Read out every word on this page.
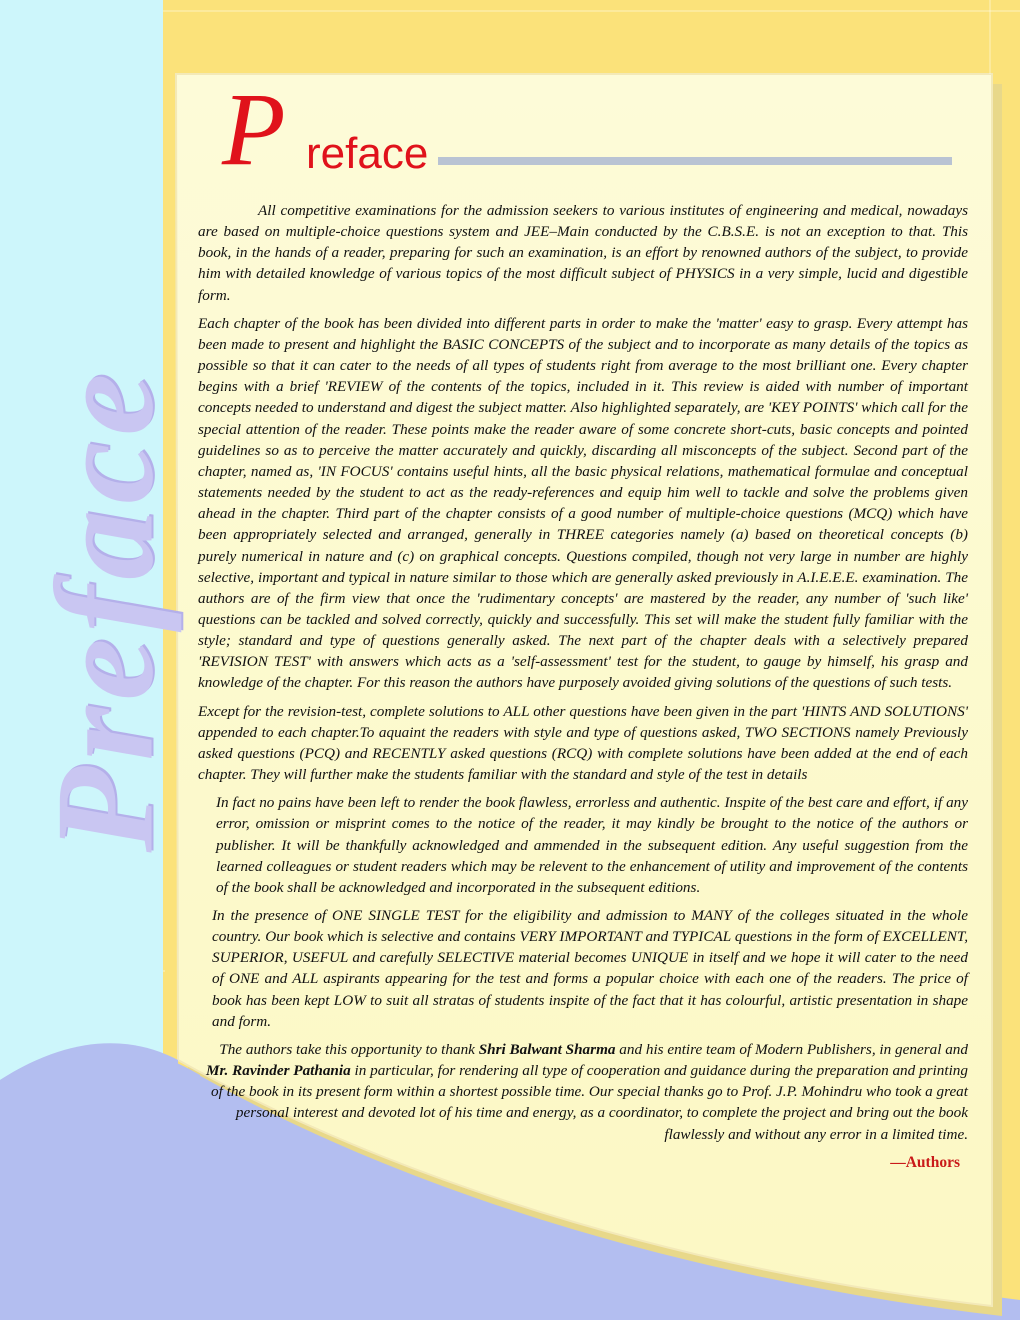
Preface
P reface

All competitive examinations for the admission seekers to various institutes of engineering and medical, nowadays are based on multiple-choice questions system and JEE–Main conducted by the C.B.S.E. is not an exception to that. This book, in the hands of a reader, preparing for such an examination, is an effort by renowned authors of the subject, to provide him with detailed knowledge of various topics of the most difficult subject of PHYSICS in a very simple, lucid and digestible form.

Each chapter of the book has been divided into different parts in order to make the 'matter' easy to grasp. Every attempt has been made to present and highlight the BASIC CONCEPTS of the subject and to incorporate as many details of the topics as possible so that it can cater to the needs of all types of students right from average to the most brilliant one. Every chapter begins with a brief 'REVIEW of the contents of the topics, included in it. This review is aided with number of important concepts needed to understand and digest the subject matter. Also highlighted separately, are 'KEY POINTS' which call for the special attention of the reader. These points make the reader aware of some concrete short-cuts, basic concepts and pointed guidelines so as to perceive the matter accurately and quickly, discarding all misconcepts of the subject. Second part of the chapter, named as, 'IN FOCUS' contains useful hints, all the basic physical relations, mathematical formulae and conceptual statements needed by the student to act as the ready-references and equip him well to tackle and solve the problems given ahead in the chapter. Third part of the chapter consists of a good number of multiple-choice questions (MCQ) which have been appropriately selected and arranged, generally in THREE categories namely (a) based on theoretical concepts (b) purely numerical in nature and (c) on graphical concepts. Questions compiled, though not very large in number are highly selective, important and typical in nature similar to those which are generally asked previously in A.I.E.E.E. examination. The authors are of the firm view that once the 'rudimentary concepts' are mastered by the reader, any number of 'such like' questions can be tackled and solved correctly, quickly and successfully. This set will make the student fully familiar with the style; standard and type of questions generally asked. The next part of the chapter deals with a selectively prepared 'REVISION TEST' with answers which acts as a 'self-assessment' test for the student, to gauge by himself, his grasp and knowledge of the chapter. For this reason the authors have purposely avoided giving solutions of the questions of such tests.

Except for the revision-test, complete solutions to ALL other questions have been given in the part 'HINTS AND SOLUTIONS' appended to each chapter.To aquaint the readers with style and type of questions asked, TWO SECTIONS namely Previously asked questions (PCQ) and RECENTLY asked questions (RCQ) with complete solutions have been added at the end of each chapter. They will further make the students familiar with the standard and style of the test in details

In fact no pains have been left to render the book flawless, errorless and authentic. Inspite of the best care and effort, if any error, omission or misprint comes to the notice of the reader, it may kindly be brought to the notice of the authors or publisher. It will be thankfully acknowledged and ammended in the subsequent edition. Any useful suggestion from the learned colleagues or student readers which may be relevent to the enhancement of utility and improvement of the contents of the book shall be acknowledged and incorporated in the subsequent editions.

In the presence of ONE SINGLE TEST for the eligibility and admission to MANY of the colleges situated in the whole country. Our book which is selective and contains VERY IMPORTANT and TYPICAL questions in the form of EXCELLENT, SUPERIOR, USEFUL and carefully SELECTIVE material becomes UNIQUE in itself and we hope it will cater to the need of ONE and ALL aspirants appearing for the test and forms a popular choice with each one of the readers. The price of book has been kept LOW to suit all stratas of students inspite of the fact that it has colourful, artistic presentation in shape and form.

The authors take this opportunity to thank Shri Balwant Sharma and his entire team of Modern Publishers, in general and Mr. Ravinder Pathania in particular, for rendering all type of cooperation and guidance during the preparation and printing of the book in its present form within a shortest possible time. Our special thanks go to Prof. J.P. Mohindru who took a great personal interest and devoted lot of his time and energy, as a coordinator, to complete the project and bring out the book flawlessly and without any error in a limited time.

—Authors
